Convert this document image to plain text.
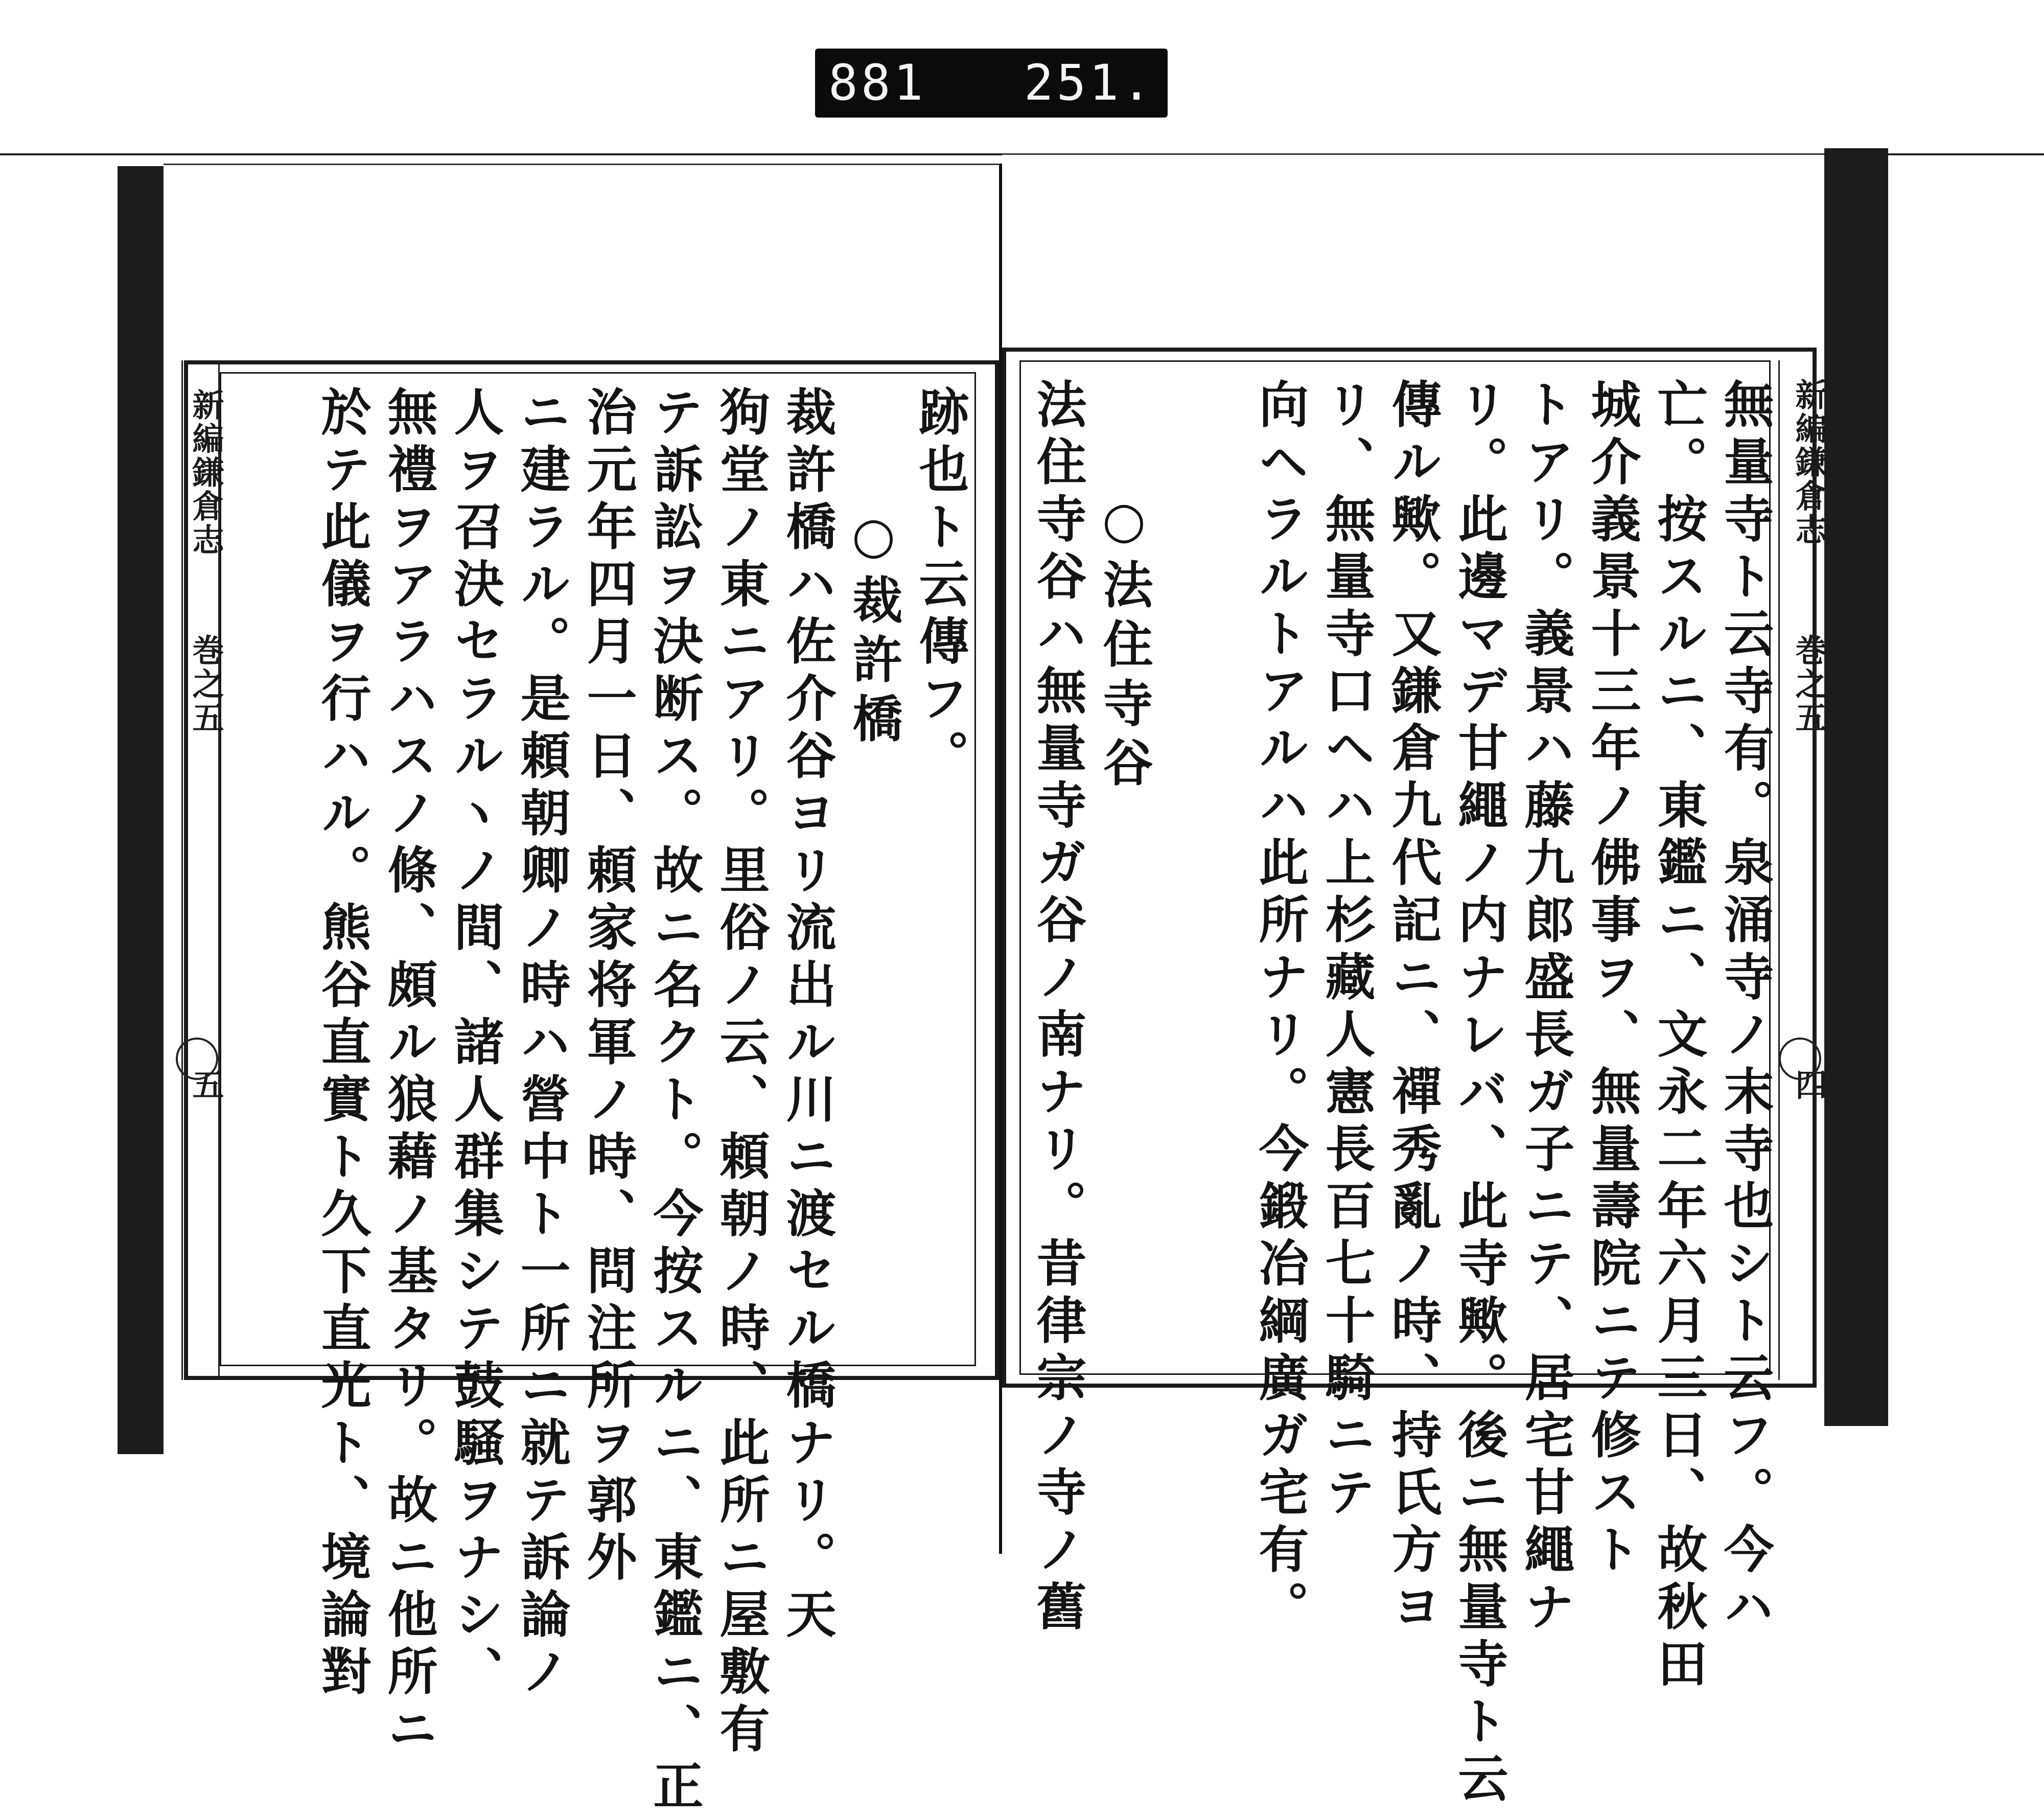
881   251.
新編鎌倉志
巻之五
五
新編鎌倉志
巻之五
四
跡也ト云傳フ。
○裁許橋
裁許橋ハ佐介谷ヨリ流出ル川ニ渡セル橋ナリ。天
狗堂ノ東ニアリ。里俗ノ云、頼朝ノ時、此所ニ屋敷有
テ訴訟ヲ決断ス。故ニ名クト。今按スルニ、東鑑ニ、正
治元年四月一日、頼家将軍ノ時、問注所ヲ郭外
ニ建ラル。是頼朝卿ノ時ハ營中ト一所ニ就テ訴論ノ
人ヲ召決セラルヽノ間、諸人群集シテ鼓騒ヲナシ、
無禮ヲアラハスノ條、頗ル狼藉ノ基タリ。故ニ他所ニ
於テ此儀ヲ行ハル。熊谷直實ト久下直光ト、境論對	無量寺ト云寺有。泉涌寺ノ末寺也シト云フ。今ハ
亡。按スルニ、東鑑ニ、文永二年六月三日、故秋田
城介義景十三年ノ佛事ヲ、無量壽院ニテ修スト
トアリ。義景ハ藤九郎盛長ガ子ニテ、居宅甘繩ナ
リ。此邊マデ甘繩ノ内ナレバ、此寺歟。後ニ無量寺ト云
傳ル歟。又鎌倉九代記ニ、禪秀亂ノ時、持氏方ヨ
リ、無量寺口ヘハ上杉藏人憲長百七十騎ニテ
向ヘラルトアルハ此所ナリ。今鍛冶綱廣ガ宅有。
○法住寺谷
法住寺谷ハ無量寺ガ谷ノ南ナリ。昔律宗ノ寺ノ舊
